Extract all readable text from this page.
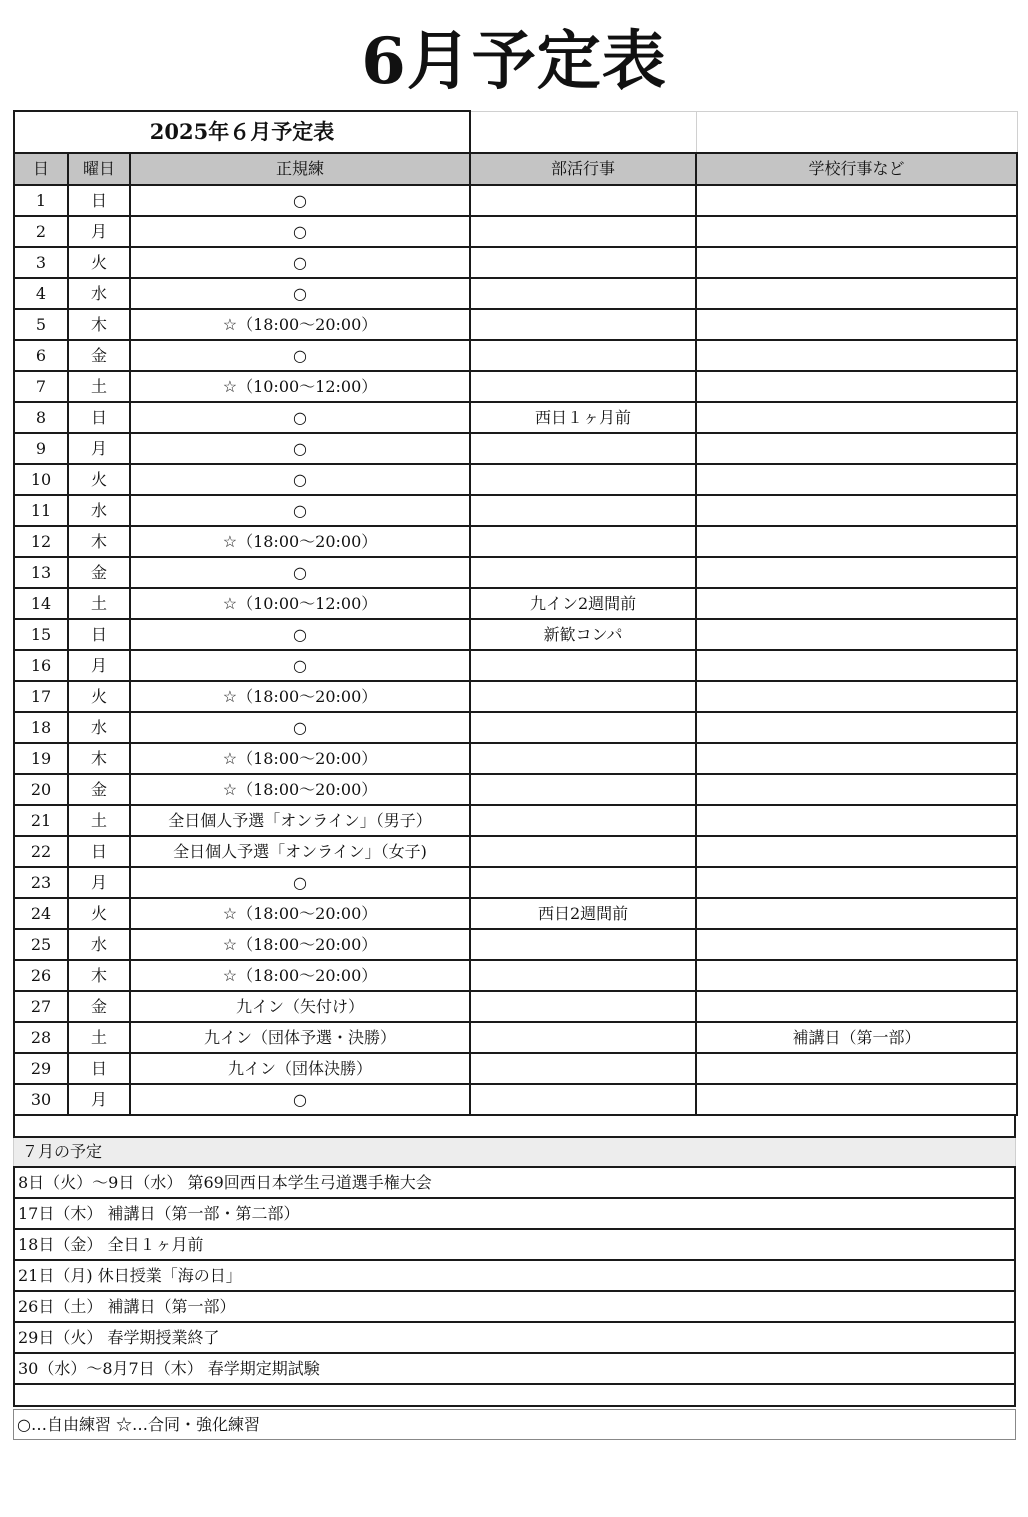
6月予定表
2025年６月予定表				
日	曜日	正規練	部活行事	学校行事など
1	日	○		
2	月	○		
3	火	○		
4	水	○		
5	木	☆（18:00〜20:00）		
6	金	○		
7	土	☆（10:00〜12:00）		
8	日	○	西日１ヶ月前	
9	月	○		
10	火	○		
11	水	○		
12	木	☆（18:00〜20:00）		
13	金	○		
14	土	☆（10:00〜12:00）	九イン2週間前	
15	日	○	新歓コンパ	
16	月	○		
17	火	☆（18:00〜20:00）		
18	水	○		
19	木	☆（18:00〜20:00）		
20	金	☆（18:00〜20:00）		
21	土	全日個人予選「オンライン」（男子）		
22	日	全日個人予選「オンライン」（女子)		
23	月	○		
24	火	☆（18:00〜20:00）	西日2週間前	
25	水	☆（18:00〜20:00）		
26	木	☆（18:00〜20:00）		
27	金	九イン（矢付け）		
28	土	九イン（団体予選・決勝）		補講日（第一部）
29	日	九イン（団体決勝）		
30	月	○		
７月の予定
8日（火）〜9日（水） 第69回西日本学生弓道選手権大会
17日（木） 補講日（第一部・第二部）
18日（金） 全日１ヶ月前
21日（月) 休日授業「海の日」
26日（土） 補講日（第一部）
29日（火） 春学期授業終了
30（水）〜8月7日（木） 春学期定期試験
○…自由練習 ☆…合同・強化練習
